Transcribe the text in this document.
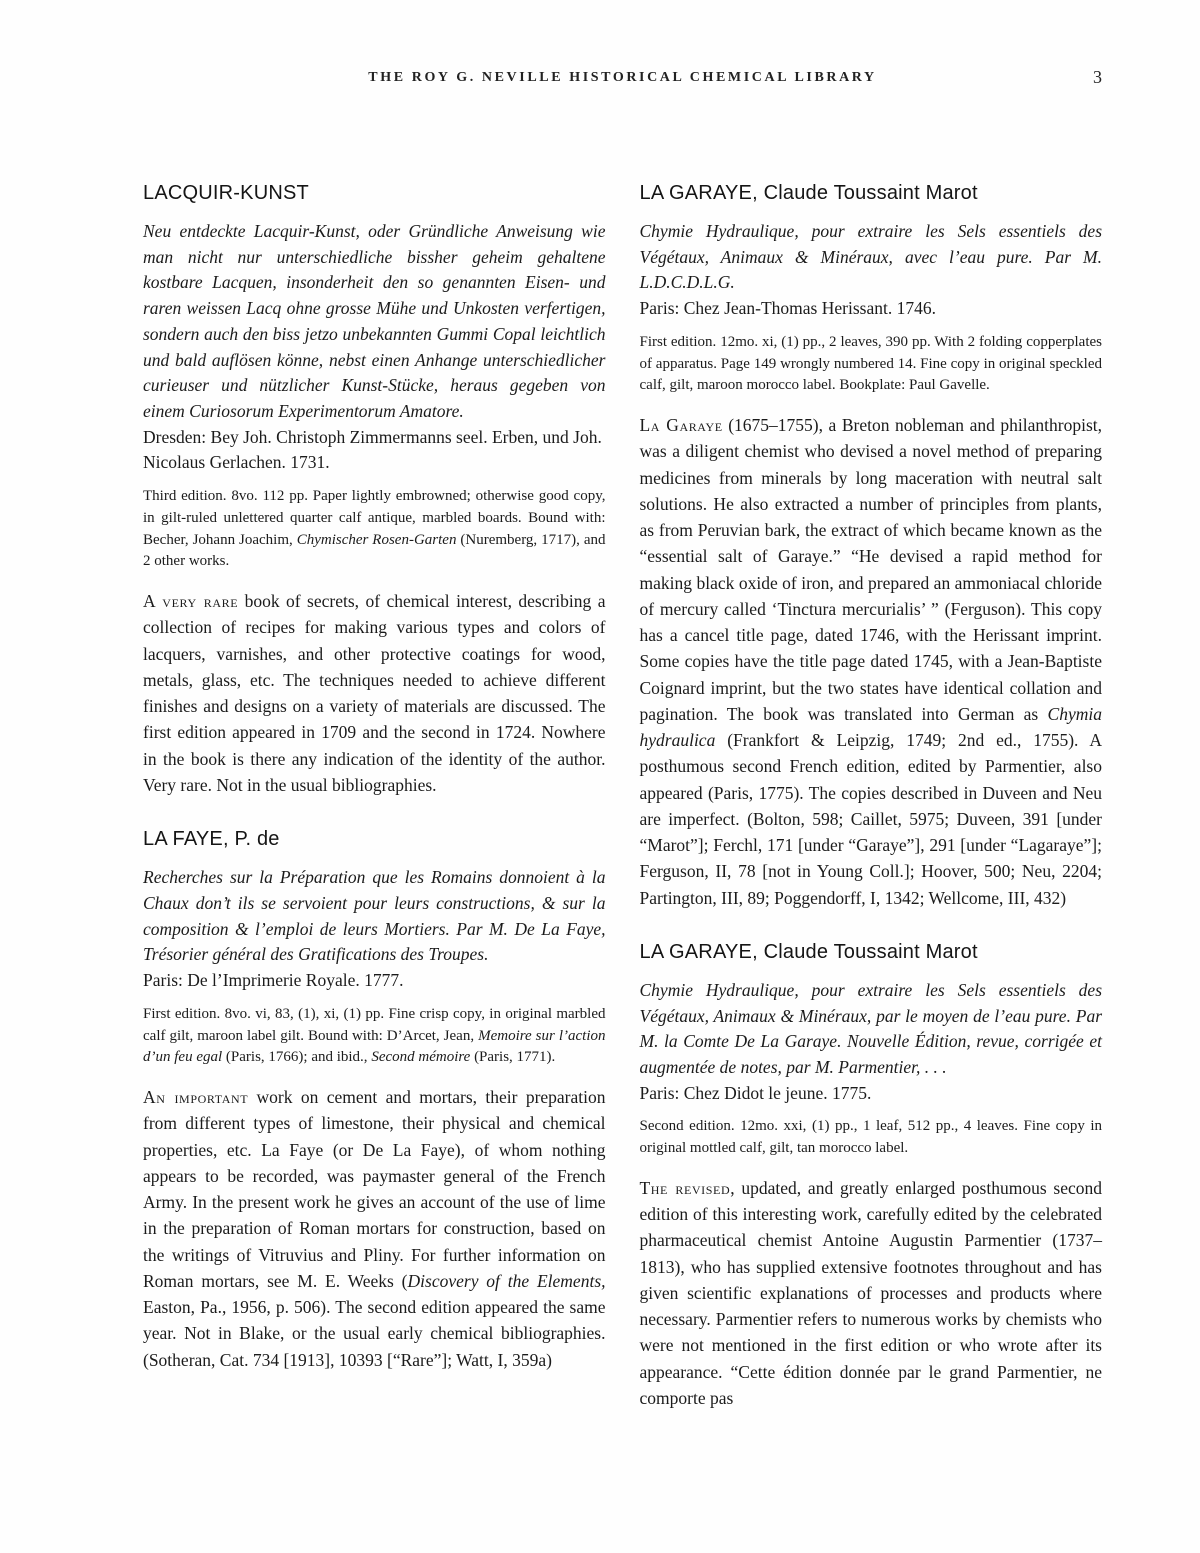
THE ROY G. NEVILLE HISTORICAL CHEMICAL LIBRARY	3
LACQUIR-KUNST

Neu entdeckte Lacquir-Kunst, oder Gründliche Anweisung wie man nicht nur unterschiedliche bissher geheim gehaltene kostbare Lacquen, insonderheit den so genannten Eisen- und raren weissen Lacq ohne grosse Mühe und Unkosten verfertigen, sondern auch den biss jetzo unbekannten Gummi Copal leichtlich und bald auflösen könne, nebst einen Anhange unterschiedlicher curieuser und nützlicher Kunst-Stücke, heraus gegeben von einem Curiosorum Experimentorum Amatore.

Dresden: Bey Joh. Christoph Zimmermanns seel. Erben, und Joh. Nicolaus Gerlachen. 1731.

Third edition. 8vo. 112 pp. Paper lightly embrowned; otherwise good copy, in gilt-ruled unlettered quarter calf antique, marbled boards. Bound with: Becher, Johann Joachim, Chymischer Rosen-Garten (Nuremberg, 1717), and 2 other works.

A very rare book of secrets, of chemical interest, describing a collection of recipes for making various types and colors of lacquers, varnishes, and other protective coatings for wood, metals, glass, etc. The techniques needed to achieve different finishes and designs on a variety of materials are discussed. The first edition appeared in 1709 and the second in 1724. Nowhere in the book is there any indication of the identity of the author. Very rare. Not in the usual bibliographies.

LA FAYE, P. de

Recherches sur la Préparation que les Romains donnoient à la Chaux don’t ils se servoient pour leurs constructions, & sur la composition & l’emploi de leurs Mortiers. Par M. De La Faye, Trésorier général des Gratifications des Troupes.

Paris: De l’Imprimerie Royale. 1777.

First edition. 8vo. vi, 83, (1), xi, (1) pp. Fine crisp copy, in original marbled calf gilt, maroon label gilt. Bound with: D’Arcet, Jean, Memoire sur l’action d’un feu egal (Paris, 1766); and ibid., Second mémoire (Paris, 1771).

An important work on cement and mortars, their preparation from different types of limestone, their physical and chemical properties, etc. La Faye (or De La Faye), of whom nothing appears to be recorded, was paymaster general of the French Army. In the present work he gives an account of the use of lime in the preparation of Roman mortars for construction, based on the writings of Vitruvius and Pliny. For further information on Roman mortars, see M. E. Weeks (Discovery of the Elements, Easton, Pa., 1956, p. 506). The second edition appeared the same year. Not in Blake, or the usual early chemical bibliographies. (Sotheran, Cat. 734 [1913], 10393 [“Rare”]; Watt, I, 359a)

LA GARAYE, Claude Toussaint Marot

Chymie Hydraulique, pour extraire les Sels essentiels des Végétaux, Animaux & Minéraux, avec l’eau pure. Par M. L.D.C.D.L.G.

Paris: Chez Jean-Thomas Herissant. 1746.

First edition. 12mo. xi, (1) pp., 2 leaves, 390 pp. With 2 folding copperplates of apparatus. Page 149 wrongly numbered 14. Fine copy in original speckled calf, gilt, maroon morocco label. Bookplate: Paul Gavelle.

La Garaye (1675–1755), a Breton nobleman and philanthropist, was a diligent chemist who devised a novel method of preparing medicines from minerals by long maceration with neutral salt solutions. He also extracted a number of principles from plants, as from Peruvian bark, the extract of which became known as the “essential salt of Garaye.” “He devised a rapid method for making black oxide of iron, and prepared an ammoniacal chloride of mercury called ‘Tinctura mercurialis’ ” (Ferguson). This copy has a cancel title page, dated 1746, with the Herissant imprint. Some copies have the title page dated 1745, with a Jean-Baptiste Coignard imprint, but the two states have identical collation and pagination. The book was translated into German as Chymia hydraulica (Frankfort & Leipzig, 1749; 2nd ed., 1755). A posthumous second French edition, edited by Parmentier, also appeared (Paris, 1775). The copies described in Duveen and Neu are imperfect. (Bolton, 598; Caillet, 5975; Duveen, 391 [under “Marot”]; Ferchl, 171 [under “Garaye”], 291 [under “Lagaraye”]; Ferguson, II, 78 [not in Young Coll.]; Hoover, 500; Neu, 2204; Partington, III, 89; Poggendorff, I, 1342; Wellcome, III, 432)

LA GARAYE, Claude Toussaint Marot

Chymie Hydraulique, pour extraire les Sels essentiels des Végétaux, Animaux & Minéraux, par le moyen de l’eau pure. Par M. la Comte De La Garaye. Nouvelle Édition, revue, corrigée et augmentée de notes, par M. Parmentier, . . .

Paris: Chez Didot le jeune. 1775.

Second edition. 12mo. xxi, (1) pp., 1 leaf, 512 pp., 4 leaves. Fine copy in original mottled calf, gilt, tan morocco label.

The revised, updated, and greatly enlarged posthumous second edition of this interesting work, carefully edited by the celebrated pharmaceutical chemist Antoine Augustin Parmentier (1737–1813), who has supplied extensive footnotes throughout and has given scientific explanations of processes and products where necessary. Parmentier refers to numerous works by chemists who were not mentioned in the first edition or who wrote after its appearance. “Cette édition donnée par le grand Parmentier, ne comporte pas
